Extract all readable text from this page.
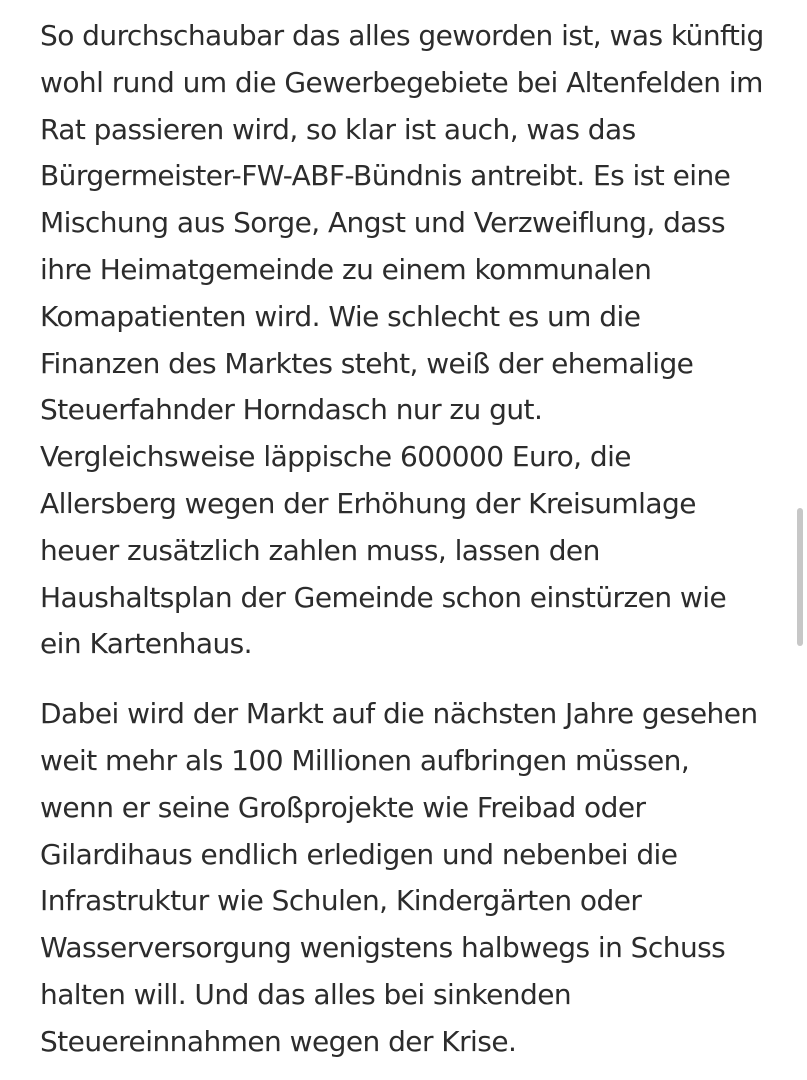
So durchschaubar das alles geworden ist, was künftig
wohl rund um die Gewerbegebiete bei Altenfelden im
Rat passieren wird, so klar ist auch, was das
Bürgermeister-FW-ABF-Bündnis antreibt. Es ist eine
Mischung aus Sorge, Angst und Verzweiflung, dass
ihre Heimatgemeinde zu einem kommunalen
Komapatienten wird. Wie schlecht es um die
Finanzen des Marktes steht, weiß der ehemalige
Steuerfahnder Horndasch nur zu gut.
Vergleichsweise läppische 600000 Euro, die
Allersberg wegen der Erhöhung der Kreisumlage
heuer zusätzlich zahlen muss, lassen den
Haushaltsplan der Gemeinde schon einstürzen wie
ein Kartenhaus.

Dabei wird der Markt auf die nächsten Jahre gesehen
weit mehr als 100 Millionen aufbringen müssen,
wenn er seine Großprojekte wie Freibad oder
Gilardihaus endlich erledigen und nebenbei die
Infrastruktur wie Schulen, Kindergärten oder
Wasserversorgung wenigstens halbwegs in Schuss
halten will. Und das alles bei sinkenden
Steuereinnahmen wegen der Krise.
